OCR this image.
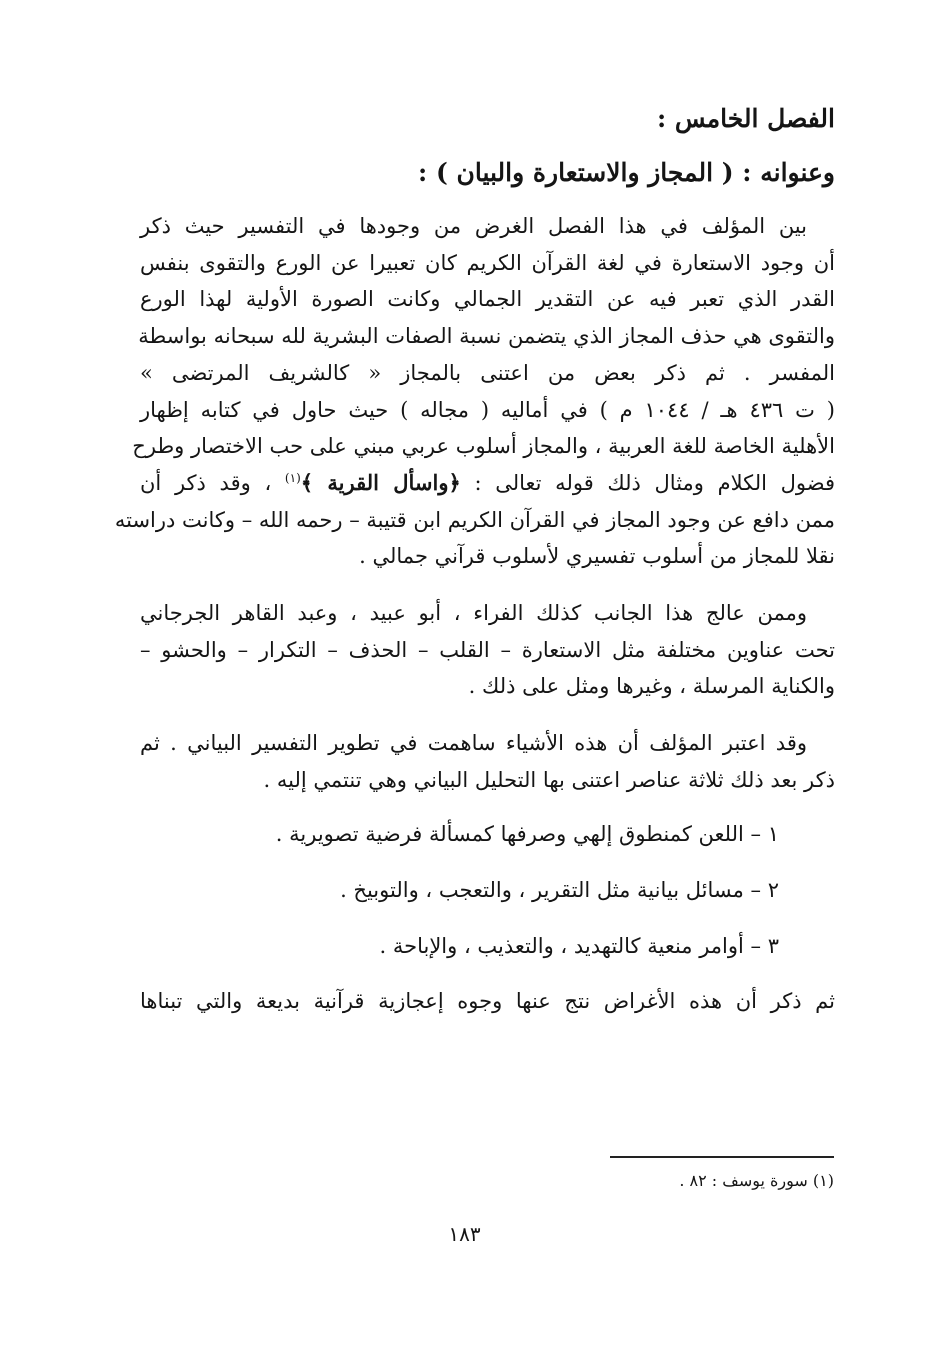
الفصل الخامس :
وعنوانه : ( المجاز والاستعارة والبيان ) :
بين المؤلف في هذا الفصل الغرض من وجودها في التفسير حيث ذكر
أن وجود الاستعارة في لغة القرآن الكريم كان تعبيرا عن الورع والتقوى بنفس
القدر الذي تعبر فيه عن التقدير الجمالي وكانت الصورة الأولية لهذا الورع
والتقوى هي حذف المجاز الذي يتضمن نسبة الصفات البشرية لله سبحانه بواسطة
المفسر . ثم ذكر بعض من اعتنى بالمجاز « كالشريف المرتضى »
( ت ٤٣٦ هـ / ١٠٤٤ م ) في أماليه ( مجاله ) حيث حاول في كتابه إظهار
الأهلية الخاصة للغة العربية ، والمجاز أسلوب عربي مبني على حب الاختصار وطرح
فضول الكلام ومثال ذلك قوله تعالى : ﴿واسأل القرية ﴾$^{(١)}$ ، وقد ذكر أن
ممن دافع عن وجود المجاز في القرآن الكريم ابن قتيبة – رحمه الله – وكانت دراسته
نقلا للمجاز من أسلوب تفسيري لأسلوب قرآني جمالي .
وممن عالج هذا الجانب كذلك الفراء ، أبو عبيد ، وعبد القاهر الجرجاني
تحت عناوين مختلفة مثل الاستعارة – القلب – الحذف – التكرار – والحشو –
والكناية المرسلة ، وغيرها ومثل على ذلك .
وقد اعتبر المؤلف أن هذه الأشياء ساهمت في تطوير التفسير البياني . ثم
ذكر بعد ذلك ثلاثة عناصر اعتنى بها التحليل البياني وهي تنتمي إليه .
١ – اللعن كمنطوق إلهي وصرفها كمسألة فرضية تصويرية .
٢ – مسائل بيانية مثل التقرير ، والتعجب ، والتوبيخ .
٣ – أوامر منعية كالتهديد ، والتعذيب ، والإباحة .

ثم ذكر أن هذه الأغراض نتج عنها وجوه إعجازية قرآنية بديعة والتي تبناها

(١) سورة يوسف : ٨٢ .
١٨٣
